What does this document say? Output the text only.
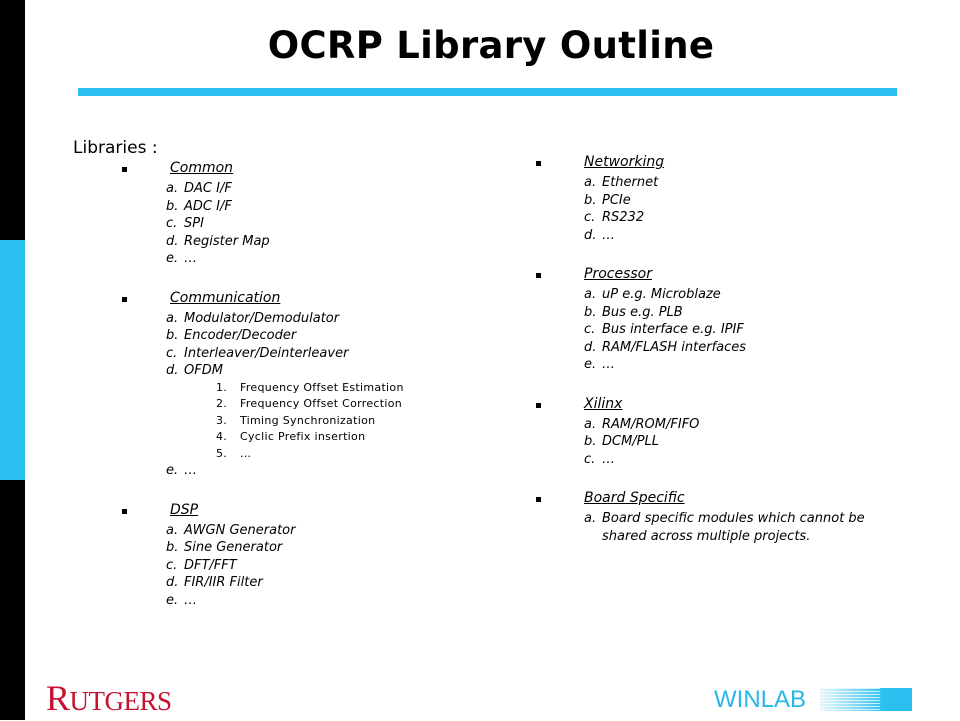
OCRP Library Outline
Libraries :
Common
a. DAC I/F
b. ADC I/F
c. SPI
d. Register Map
e. …
Communication
a. Modulator/Demodulator
b. Encoder/Decoder
c. Interleaver/Deinterleaver
d. OFDM
1. Frequency Offset Estimation
2. Frequency Offset Correction
3. Timing Synchronization
4. Cyclic Prefix insertion
5. …
e. …
DSP
a. AWGN Generator
b. Sine Generator
c. DFT/FFT
d. FIR/IIR Filter
e. …
Networking
a. Ethernet
b. PCIe
c. RS232
d. …
Processor
a. uP e.g. Microblaze
b. Bus e.g. PLB
c. Bus interface e.g. IPIF
d. RAM/FLASH interfaces
e. …
Xilinx
a. RAM/ROM/FIFO
b. DCM/PLL
c. …
Board Specific
a. Board specific modules which cannot be shared across multiple projects.
RUTGERS	WINLAB
